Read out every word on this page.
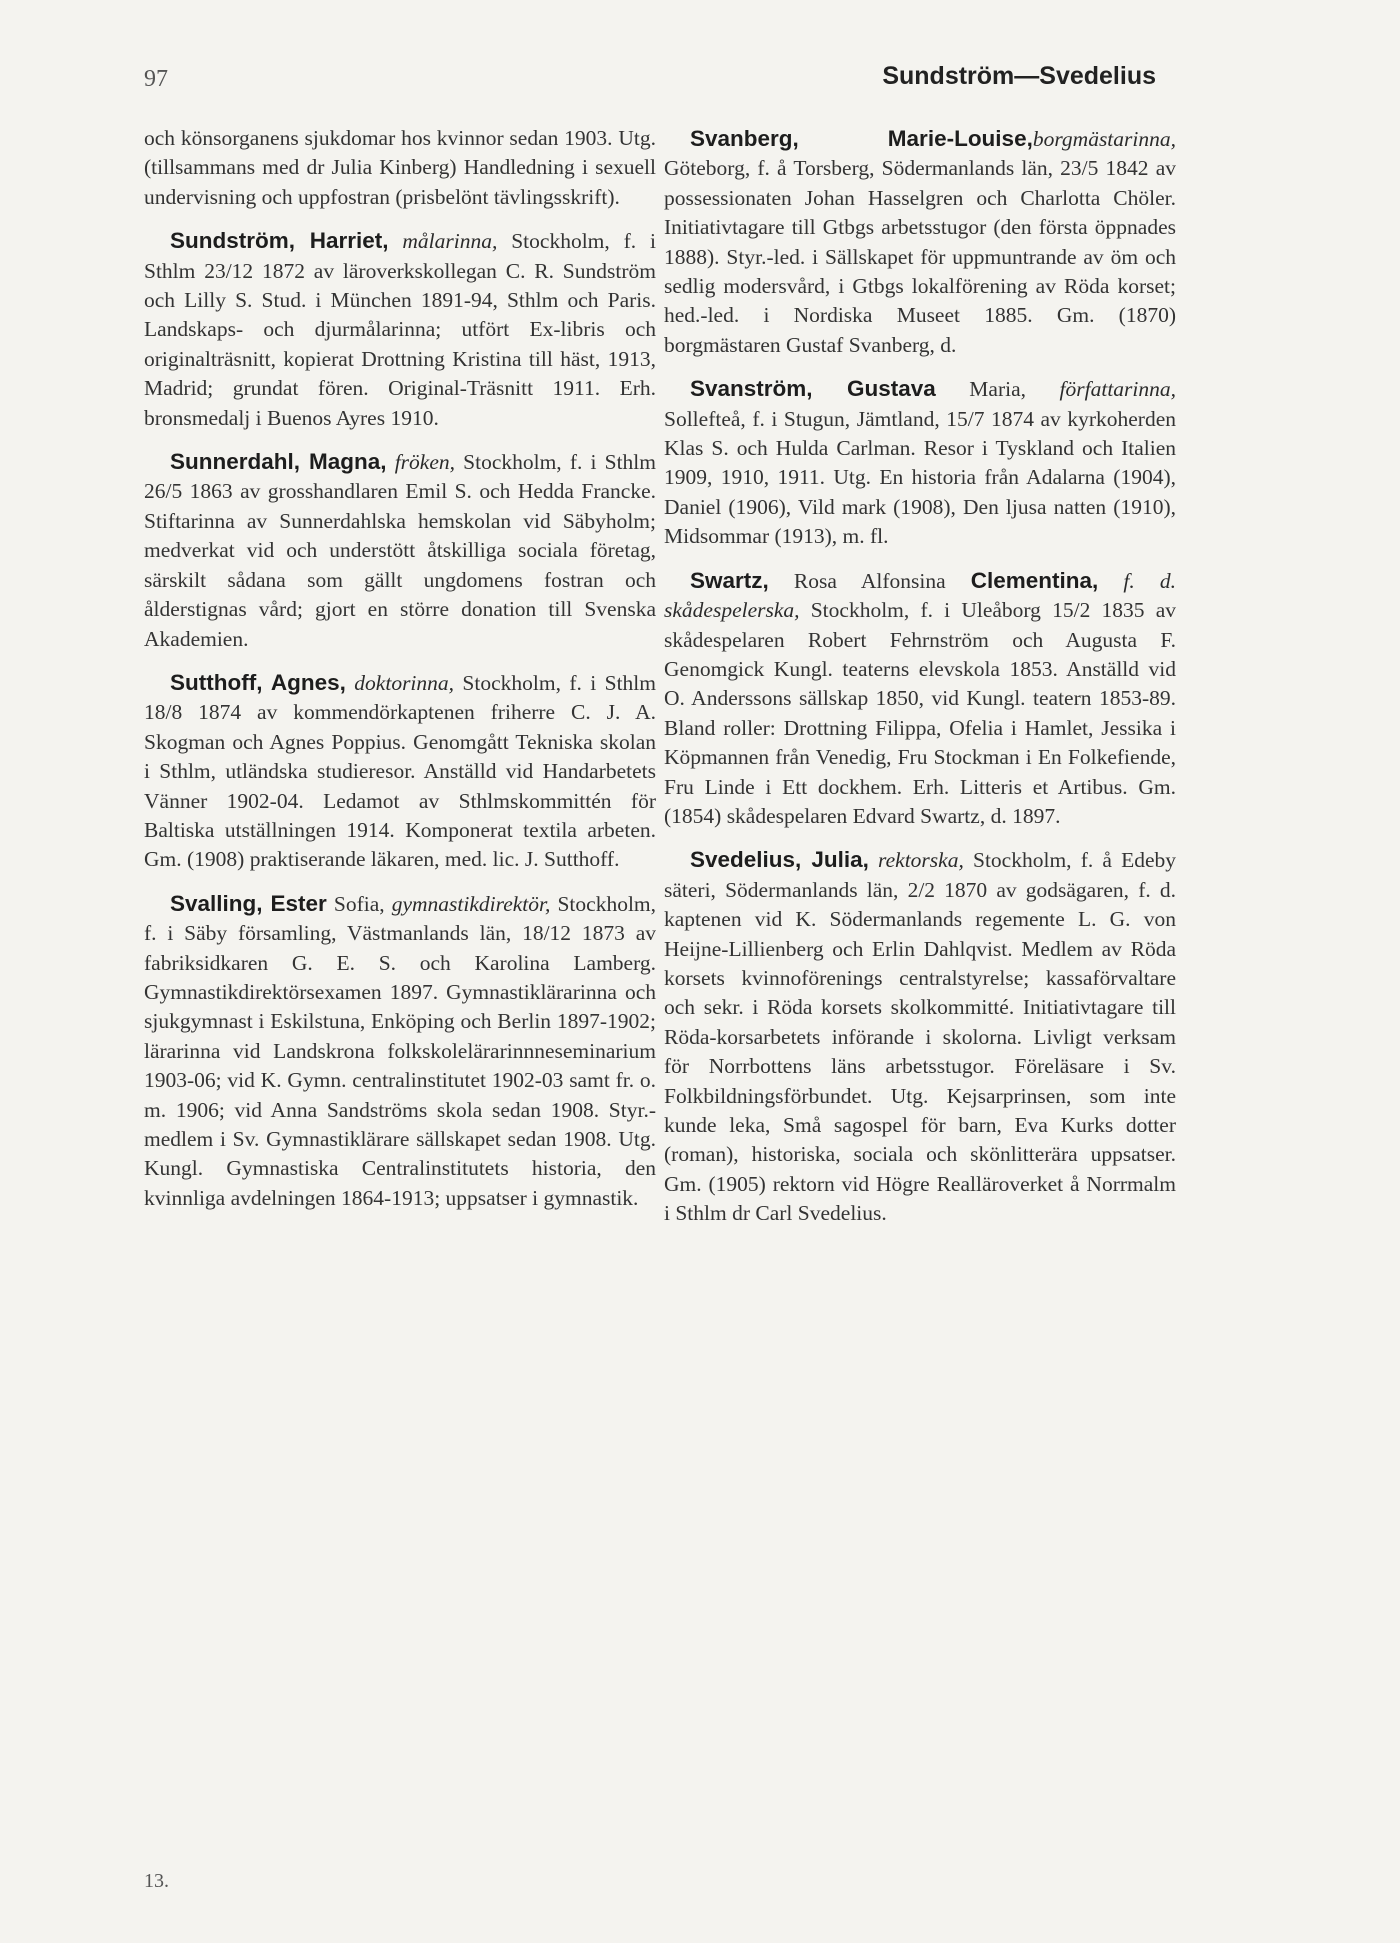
97	Sundström—Svedelius

och könsorganens sjukdomar hos kvinnor sedan 1903. Utg. (tillsammans med dr Julia Kinberg) Handledning i sexuell undervisning och uppfostran (prisbelönt tävlingsskrift).

Sundström, Harriet, målarinna, Stockholm, f. i Sthlm 23/12 1872 av läroverkskollegan C. R. Sundström och Lilly S. Stud. i München 1891-94, Sthlm och Paris. Landskaps- och djurmålarinna; utfört Ex-libris och originalträsnitt, kopierat Drottning Kristina till häst, 1913, Madrid; grundat fören. Original-Träsnitt 1911. Erh. bronsmedalj i Buenos Ayres 1910.

Sunnerdahl, Magna, fröken, Stockholm, f. i Sthlm 26/5 1863 av grosshandlaren Emil S. och Hedda Francke. Stiftarinna av Sunnerdahlska hemskolan vid Säbyholm; medverkat vid och understött åtskilliga sociala företag, särskilt sådana som gällt ungdomens fostran och ålderstignas vård; gjort en större donation till Svenska Akademien.

Sutthoff, Agnes, doktorinna, Stockholm, f. i Sthlm 18/8 1874 av kommendörkaptenen friherre C. J. A. Skogman och Agnes Poppius. Genomgått Tekniska skolan i Sthlm, utländska studieresor. Anställd vid Handarbetets Vänner 1902-04. Ledamot av Sthlmskommittén för Baltiska utställningen 1914. Komponerat textila arbeten. Gm. (1908) praktiserande läkaren, med. lic. J. Sutthoff.

Svalling, Ester Sofia, gymnastikdirektör, Stockholm, f. i Säby församling, Västmanlands län, 18/12 1873 av fabriksidkaren G. E. S. och Karolina Lamberg. Gymnastikdirektörsexamen 1897. Gymnastiklärarinna och sjukgymnast i Eskilstuna, Enköping och Berlin 1897-1902; lärarinna vid Landskrona folkskolelärarinnneseminarium 1903-06; vid K. Gymn. centralinstitutet 1902-03 samt fr. o. m. 1906; vid Anna Sandströms skola sedan 1908. Styr.-medlem i Sv. Gymnastiklärare sällskapet sedan 1908. Utg. Kungl. Gymnastiska Centralinstitutets historia, den kvinnliga avdelningen 1864-1913; uppsatser i gymnastik.

Svanberg, Marie-Louise,borgmästarinna, Göteborg, f. å Torsberg, Södermanlands län, 23/5 1842 av possessionaten Johan Hasselgren och Charlotta Chöler. Initiativtagare till Gtbgs arbetsstugor (den första öppnades 1888). Styr.-led. i Sällskapet för uppmuntrande av öm och sedlig modersvård, i Gtbgs lokalförening av Röda korset; hed.-led. i Nordiska Museet 1885. Gm. (1870) borgmästaren Gustaf Svanberg, d.

Svanström, Gustava Maria, författarinna, Sollefteå, f. i Stugun, Jämtland, 15/7 1874 av kyrkoherden Klas S. och Hulda Carlman. Resor i Tyskland och Italien 1909, 1910, 1911. Utg. En historia från Adalarna (1904), Daniel (1906), Vild mark (1908), Den ljusa natten (1910), Midsommar (1913), m. fl.

Swartz, Rosa Alfonsina Clementina, f. d. skådespelerska, Stockholm, f. i Uleåborg 15/2 1835 av skådespelaren Robert Fehrnström och Augusta F. Genomgick Kungl. teaterns elevskola 1853. Anställd vid O. Anderssons sällskap 1850, vid Kungl. teatern 1853-89. Bland roller: Drottning Filippa, Ofelia i Hamlet, Jessika i Köpmannen från Venedig, Fru Stockman i En Folkefiende, Fru Linde i Ett dockhem. Erh. Litteris et Artibus. Gm. (1854) skådespelaren Edvard Swartz, d. 1897.

Svedelius, Julia, rektorska, Stockholm, f. å Edeby säteri, Södermanlands län, 2/2 1870 av godsägaren, f. d. kaptenen vid K. Södermanlands regemente L. G. von Heijne-Lillienberg och Erlin Dahlqvist. Medlem av Röda korsets kvinnoförenings centralstyrelse; kassaförvaltare och sekr. i Röda korsets skolkommitté. Initiativtagare till Röda-korsarbetets införande i skolorna. Livligt verksam för Norrbottens läns arbetsstugor. Föreläsare i Sv. Folkbildningsförbundet. Utg. Kejsarprinsen, som inte kunde leka, Små sagospel för barn, Eva Kurks dotter (roman), historiska, sociala och skönlitterära uppsatser. Gm. (1905) rektorn vid Högre Realläroverket å Norrmalm i Sthlm dr Carl Svedelius.

13.
